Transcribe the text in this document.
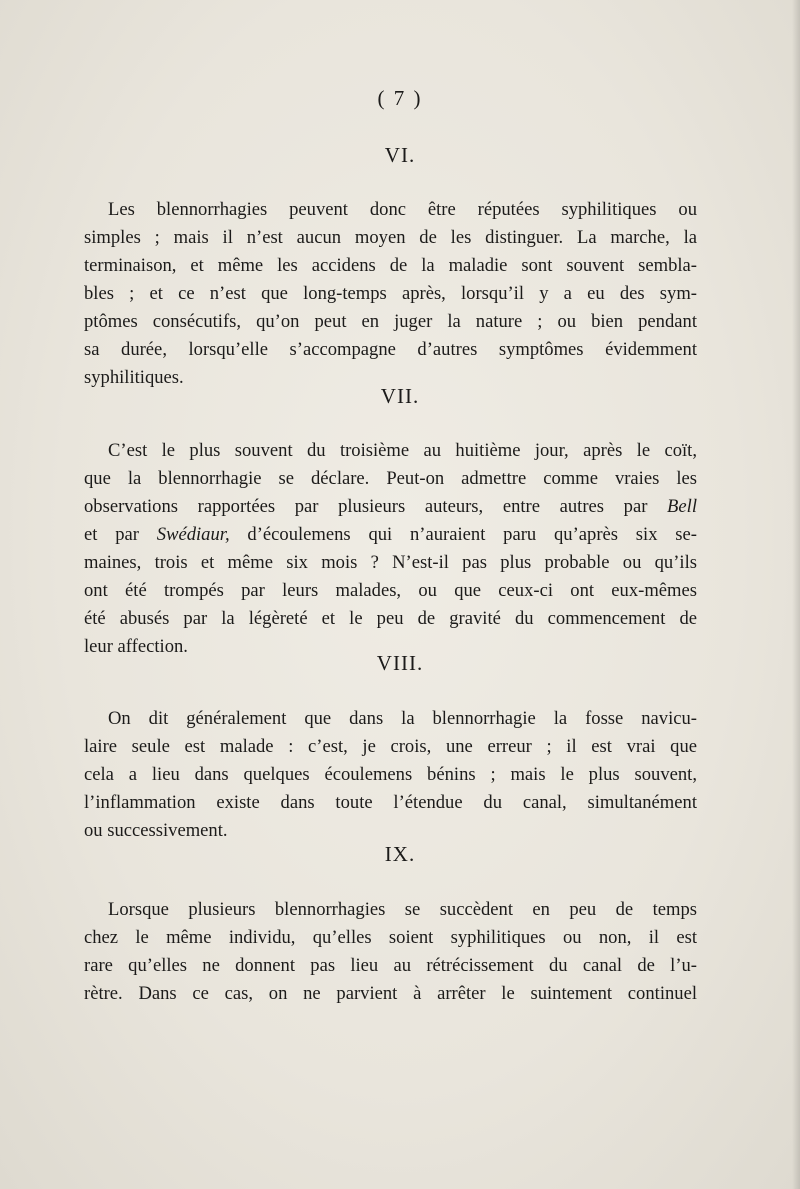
( 7 )
VI.
Les blennorrhagies peuvent donc être réputées syphilitiques ou
simples ; mais il n’est aucun moyen de les distinguer. La marche, la
terminaison, et même les accidens de la maladie sont souvent sembla-
bles ; et ce n’est que long-temps après, lorsqu’il y a eu des sym-
ptômes consécutifs, qu’on peut en juger la nature ; ou bien pendant
sa durée, lorsqu’elle s’accompagne d’autres symptômes évidemment
syphilitiques.
VII.
C’est le plus souvent du troisième au huitième jour, après le coït,
que la blennorrhagie se déclare. Peut-on admettre comme vraies les
observations rapportées par plusieurs auteurs, entre autres par Bell
et par Swédiaur, d’écoulemens qui n’auraient paru qu’après six se-
maines, trois et même six mois ? N’est-il pas plus probable ou qu’ils
ont été trompés par leurs malades, ou que ceux-ci ont eux-mêmes
été abusés par la légèreté et le peu de gravité du commencement de
leur affection.
VIII.
On dit généralement que dans la blennorrhagie la fosse navicu-
laire seule est malade : c’est, je crois, une erreur ; il est vrai que
cela a lieu dans quelques écoulemens bénins ; mais le plus souvent,
l’inflammation existe dans toute l’étendue du canal, simultanément
ou successivement.
IX.
Lorsque plusieurs blennorrhagies se succèdent en peu de temps
chez le même individu, qu’elles soient syphilitiques ou non, il est
rare qu’elles ne donnent pas lieu au rétrécissement du canal de l’u-
rètre. Dans ce cas, on ne parvient à arrêter le suintement continuel
